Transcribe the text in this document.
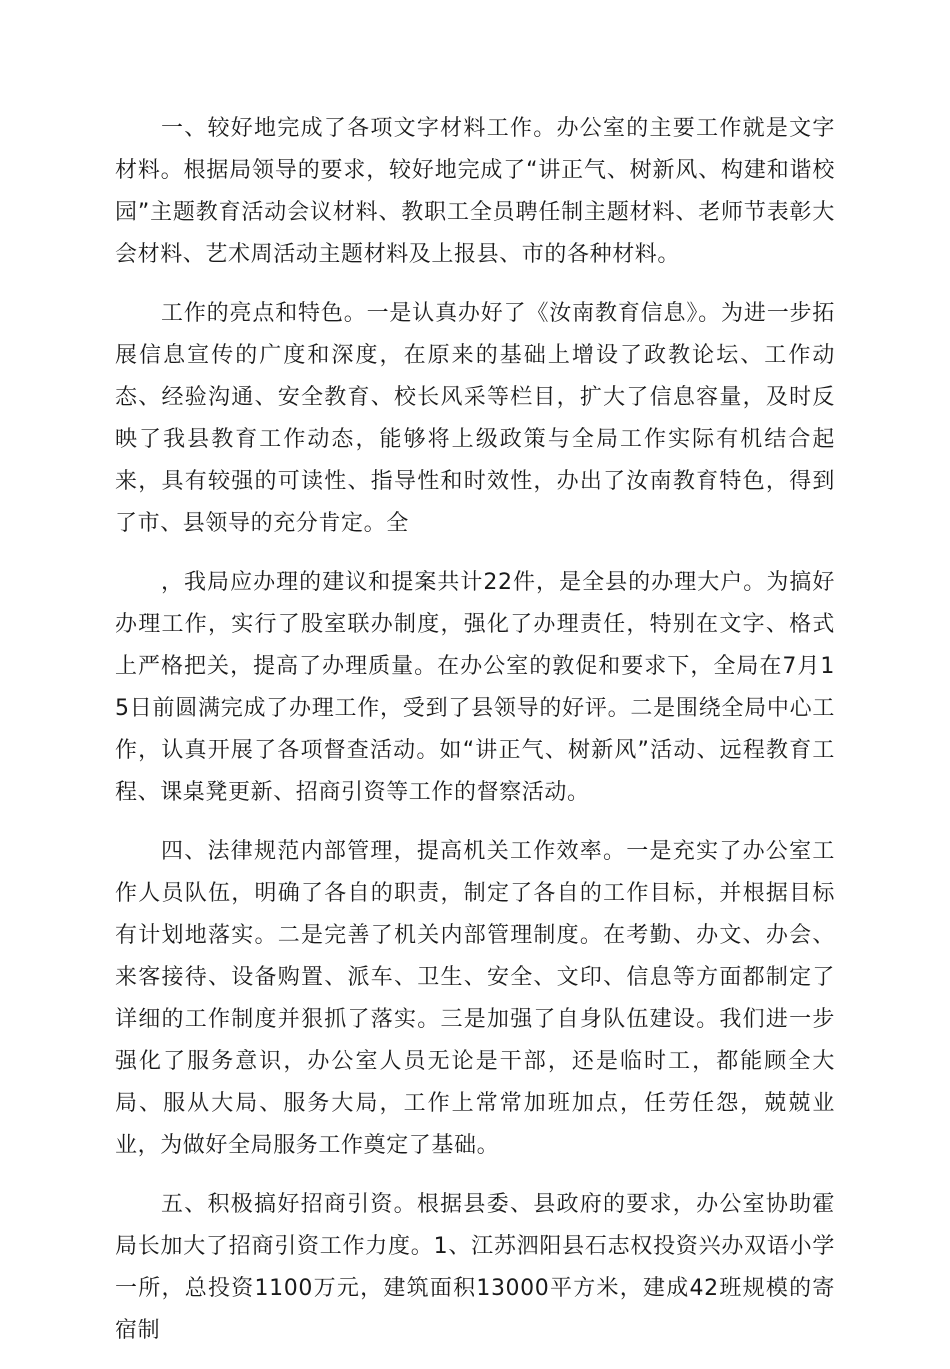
一、较好地完成了各项文字材料工作。办公室的主要工作就是文字材料。根据局领导的要求，较好地完成了“讲正气、树新风、构建和谐校园”主题教育活动会议材料、教职工全员聘任制主题材料、老师节表彰大会材料、艺术周活动主题材料及上报县、市的各种材料。

工作的亮点和特色。一是认真办好了《汝南教育信息》。为进一步拓展信息宣传的广度和深度，在原来的基础上增设了政教论坛、工作动态、经验沟通、安全教育、校长风采等栏目，扩大了信息容量，及时反映了我县教育工作动态，能够将上级政策与全局工作实际有机结合起来，具有较强的可读性、指导性和时效性，办出了汝南教育特色，得到了市、县领导的充分肯定。全

，我局应办理的建议和提案共计22件，是全县的办理大户。为搞好办理工作，实行了股室联办制度，强化了办理责任，特别在文字、格式上严格把关，提高了办理质量。在办公室的敦促和要求下，全局在7月15日前圆满完成了办理工作，受到了县领导的好评。二是围绕全局中心工作，认真开展了各项督查活动。如“讲正气、树新风”活动、远程教育工程、课桌凳更新、招商引资等工作的督察活动。

四、法律规范内部管理，提高机关工作效率。一是充实了办公室工作人员队伍，明确了各自的职责，制定了各自的工作目标，并根据目标有计划地落实。二是完善了机关内部管理制度。在考勤、办文、办会、来客接待、设备购置、派车、卫生、安全、文印、信息等方面都制定了详细的工作制度并狠抓了落实。三是加强了自身队伍建设。我们进一步强化了服务意识，办公室人员无论是干部，还是临时工，都能顾全大局、服从大局、服务大局，工作上常常加班加点，任劳任怨，兢兢业业，为做好全局服务工作奠定了基础。

五、积极搞好招商引资。根据县委、县政府的要求，办公室协助霍局长加大了招商引资工作力度。1、江苏泗阳县石志权投资兴办双语小学一所，总投资1100万元，建筑面积13000平方米，建成42班规模的寄宿制
